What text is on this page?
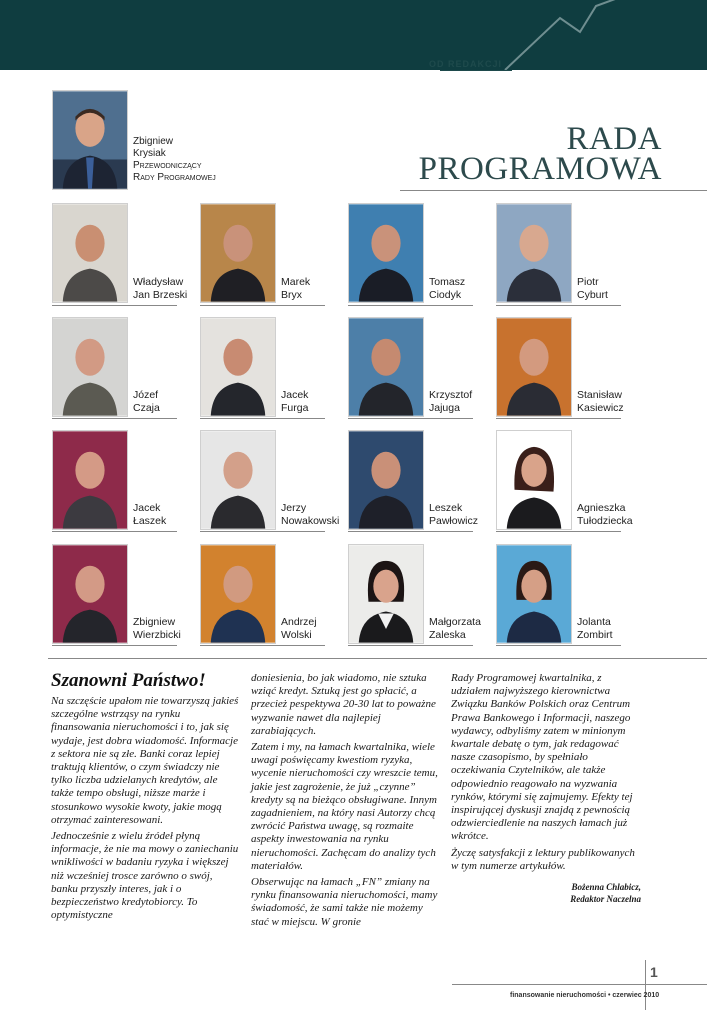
OD REDAKCJI
Zbigniew
Krysiak
Przewodniczący
Rady Programowej
RADA
PROGRAMOWA
Władysław
Jan Brzeski
Marek
Bryx
Tomasz
Ciodyk
Piotr
Cyburt
Józef
Czaja
Jacek
Furga
Krzysztof
Jajuga
Stanisław
Kasiewicz
Jacek
Łaszek
Jerzy
Nowakowski
Leszek
Pawłowicz
Agnieszka
Tułodziecka
Zbigniew
Wierzbicki
Andrzej
Wolski
Małgorzata
Zaleska
Jolanta
Zombirt
Szanowni Państwo!

Na szczęście upałom nie towarzyszą jakieś szczególne wstrząsy na rynku finansowania nieruchomości i to, jak się wydaje, jest dobra wiadomość. Informacje z sektora nie są złe. Banki coraz lepiej traktują klientów, o czym świadczy nie tylko liczba udzielanych kredytów, ale także tempo obsługi, niższe marże i stosunkowo wysokie kwoty, jakie mogą otrzymać zainteresowani.

Jednocześnie z wielu źródeł płyną informacje, że nie ma mowy o zaniechaniu wnikliwości w badaniu ryzyka i większej niż wcześniej trosce zarówno o swój, banku przyszły interes, jak i o bezpieczeństwo kredytobiorcy. To optymistyczne

doniesienia, bo jak wiadomo, nie sztuka wziąć kredyt. Sztuką jest go spłacić, a przecież pespektywa 20-30 lat to poważne wyzwanie nawet dla najlepiej zarabiających.

Zatem i my, na łamach kwartalnika, wiele uwagi poświęcamy kwestiom ryzyka, wycenie nieruchomości czy wreszcie temu, jakie jest zagrożenie, że już „czynne” kredyty są na bieżąco obsługiwane. Innym zagadnieniem, na który nasi Autorzy chcą zwrócić Państwa uwagę, są rozmaite aspekty inwestowania na rynku nieruchomości. Zachęcam do analizy tych materiałów.

Obserwując na łamach „FN” zmiany na rynku finansowania nieruchomości, mamy świadomość, że sami także nie możemy stać w miejscu. W gronie

Rady Programowej kwartalnika, z udziałem najwyższego kierownictwa Związku Banków Polskich oraz Centrum Prawa Bankowego i Informacji, naszego wydawcy, odbyliśmy zatem w minionym kwartale debatę o tym, jak redagować nasze czasopismo, by spełniało oczekiwania Czytelników, ale także odpowiednio reagowało na wyzwania rynków, którymi się zajmujemy. Efekty tej inspirującej dyskusji znajdą z pewnością odzwierciedlenie na naszych łamach już wkrótce.

Życzę satysfakcji z lektury publikowanych w tym numerze artykułów.

Bożenna Chlabicz,
Redaktor Naczelna
1
finansowanie nieruchomości • czerwiec 2010
